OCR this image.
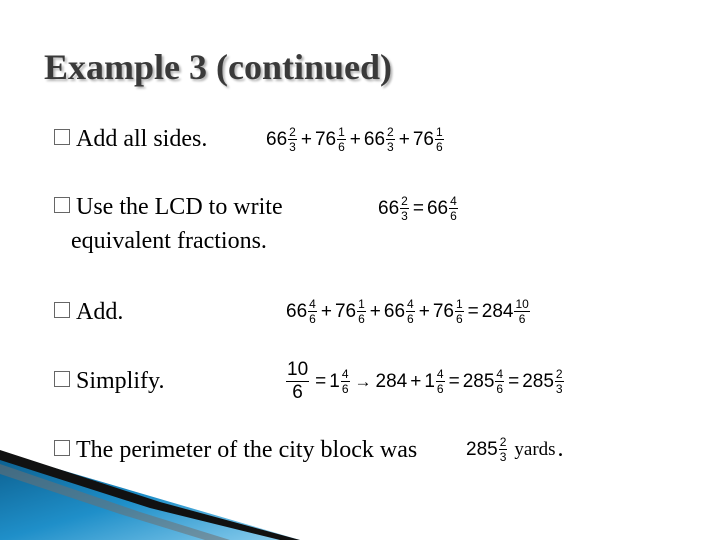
Example 3 (continued)
Add all sides.
Use the LCD to write
equivalent fractions.
Add.
Simplify.
The perimeter of the city block was
$66 \frac{2}{3} + 76 \frac{1}{6} + 66 \frac{2}{3} + 76 \frac{1}{6}$
$66 \frac{2}{3} = 66 \frac{4}{6}$
$66 \frac{4}{6} + 76 \frac{1}{6} + 66 \frac{4}{6} + 76 \frac{1}{6} = 284 \frac{10}{6}$
$\frac{10}{6} = 1 \frac{4}{6} \to 284 + 1 \frac{4}{6} = 285 \frac{4}{6} = 285 \frac{2}{3}$
$285 \frac{2}{3}$ yards .
